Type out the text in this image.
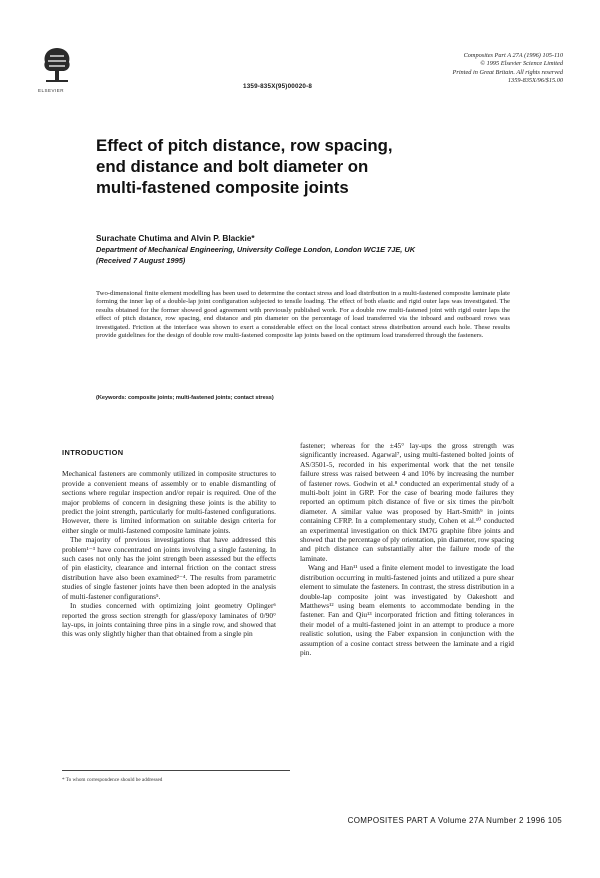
ELSEVIER
1359-835X(95)00020-8
Composites Part A 27A (1996) 105-110
© 1995 Elsevier Science Limited
Printed in Great Britain. All rights reserved
1359-835X/96/$15.00
Effect of pitch distance, row spacing,
end distance and bolt diameter on
multi-fastened composite joints
Surachate Chutima and Alvin P. Blackie*
Department of Mechanical Engineering, University College London, London WC1E 7JE, UK
(Received 7 August 1995)

Two-dimensional finite element modelling has been used to determine the contact stress and load distribution in a multi-fastened composite laminate plate forming the inner lap of a double-lap joint configuration subjected to tensile loading. The effect of both elastic and rigid outer laps was investigated. The results obtained for the former showed good agreement with previously published work. For a double row multi-fastened joint with rigid outer laps the effect of pitch distance, row spacing, end distance and pin diameter on the percentage of load transferred via the inboard and outboard rows was investigated. Friction at the interface was shown to exert a considerable effect on the local contact stress distribution around each hole. These results provide guidelines for the design of double row multi-fastened composite lap joints based on the optimum load transferred through the fasteners.

(Keywords: composite joints; multi-fastened joints; contact stress)
INTRODUCTION

Mechanical fasteners are commonly utilized in composite structures to provide a convenient means of assembly or to enable dismantling of sections where regular inspection and/or repair is required. One of the major problems of concern in designing these joints is the ability to predict the joint strength, particularly for multi-fastened configurations. However, there is limited information on suitable design criteria for either single or multi-fastened composite laminate joints.

The majority of previous investigations that have addressed this problem¹⁻³ have concentrated on joints involving a single fastening. In such cases not only has the joint strength been assessed but the effects of pin elasticity, clearance and internal friction on the contact stress distribution have also been examined²⁻⁴. The results from parametric studies of single fastener joints have then been adopted in the analysis of multi-fastener configurations⁵.

In studies concerned with optimizing joint geometry Oplinger⁶ reported the gross section strength for glass/epoxy laminates of 0/90° lay-ups, in joints containing three pins in a single row, and showed that this was only slightly higher than that obtained from a single pin

fastener; whereas for the ±45° lay-ups the gross strength was significantly increased. Agarwal⁷, using multi-fastened bolted joints of AS/3501-5, recorded in his experimental work that the net tensile failure stress was raised between 4 and 10% by increasing the number of fastener rows. Godwin et al.⁸ conducted an experimental study of a multi-bolt joint in GRP. For the case of bearing mode failures they reported an optimum pitch distance of five or six times the pin/bolt diameter. A similar value was proposed by Hart-Smith⁹ in joints containing CFRP. In a complementary study, Cohen et al.¹⁰ conducted an experimental investigation on thick IM7G graphite fibre joints and showed that the percentage of ply orientation, pin diameter, row spacing and pitch distance can substantially alter the failure mode of the laminate.

Wang and Han¹¹ used a finite element model to investigate the load distribution occurring in multi-fastened joints and utilized a pure shear element to simulate the fasteners. In contrast, the stress distribution in a double-lap composite joint was investigated by Oakeshott and Matthews¹² using beam elements to accommodate bending in the fastener. Fan and Qiu¹³ incorporated friction and fitting tolerances in their model of a multi-fastened joint in an attempt to produce a more realistic solution, using the Faber expansion in conjunction with the assumption of a cosine contact stress between the laminate and a rigid pin.

* To whom correspondence should be addressed
COMPOSITES PART A Volume 27A Number 2 1996 105
